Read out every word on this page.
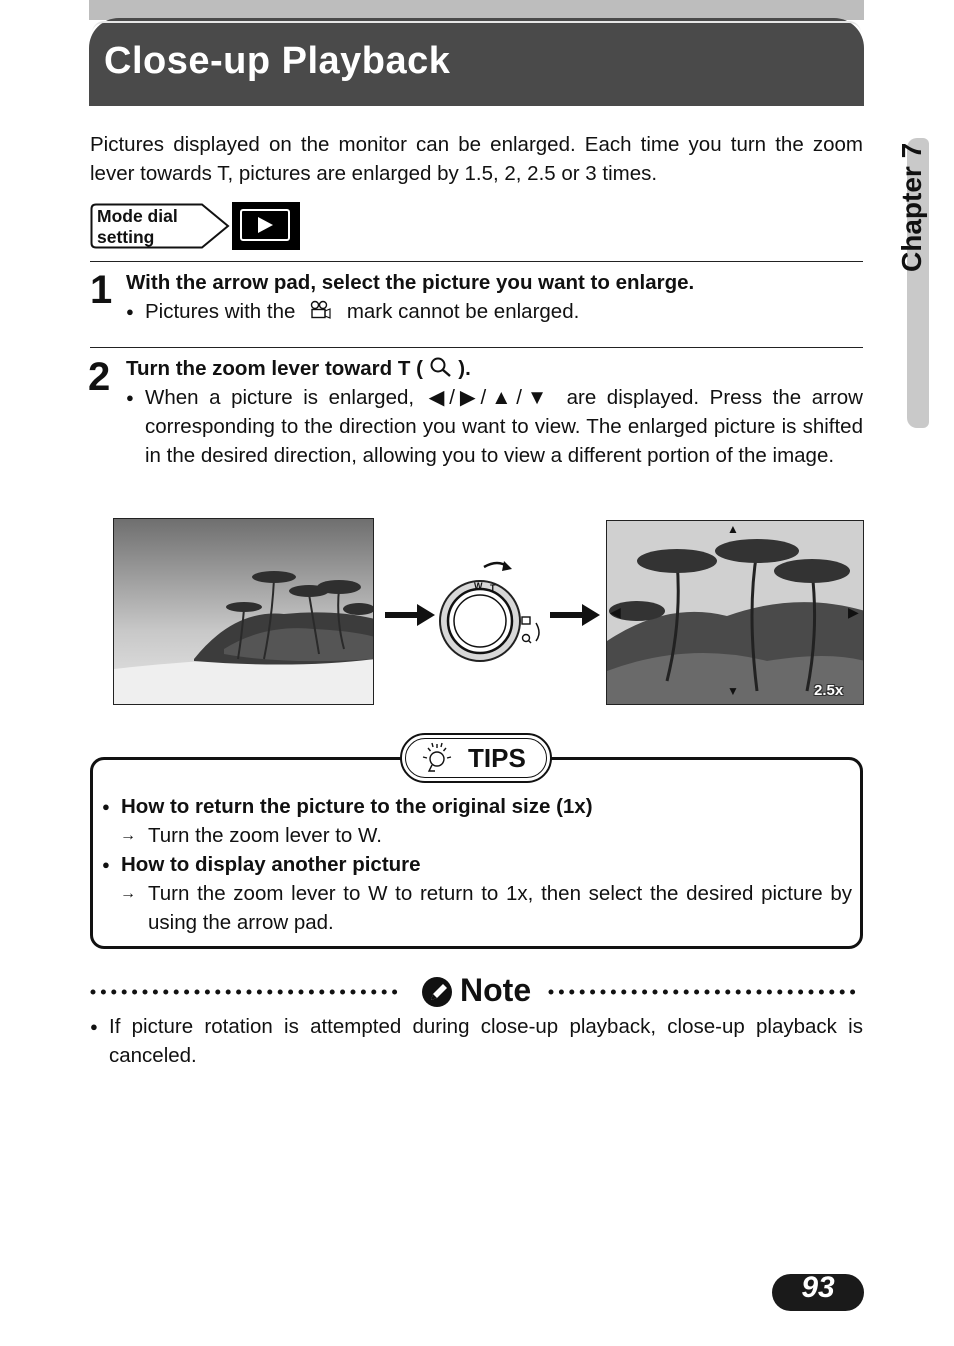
Close-up Playback
Chapter 7

Pictures displayed on the monitor can be enlarged. Each time you turn the zoom lever towards T, pictures are enlarged by 1.5, 2, 2.5 or 3 times.

Mode dial
setting
1 With the arrow pad, select the picture you want to enlarge.
● Pictures with the	mark cannot be enlarged.
2 Turn the zoom lever toward T ( ).
● When a picture is enlarged, ◀/▶/▲/▼ are displayed. Press the arrow corresponding to the direction you want to view. The enlarged picture is shifted in the desired direction, allowing you to view a different portion of the image.
W T
▲
▼
◀	▶
2.5x
TIPS
● How to return the picture to the original size (1x)
→ Turn the zoom lever to W.
● How to display another picture
→ Turn the zoom lever to W to return to 1x, then select the desired picture by using the arrow pad.
Note
● If picture rotation is attempted during close-up playback, close-up playback is canceled.
93
